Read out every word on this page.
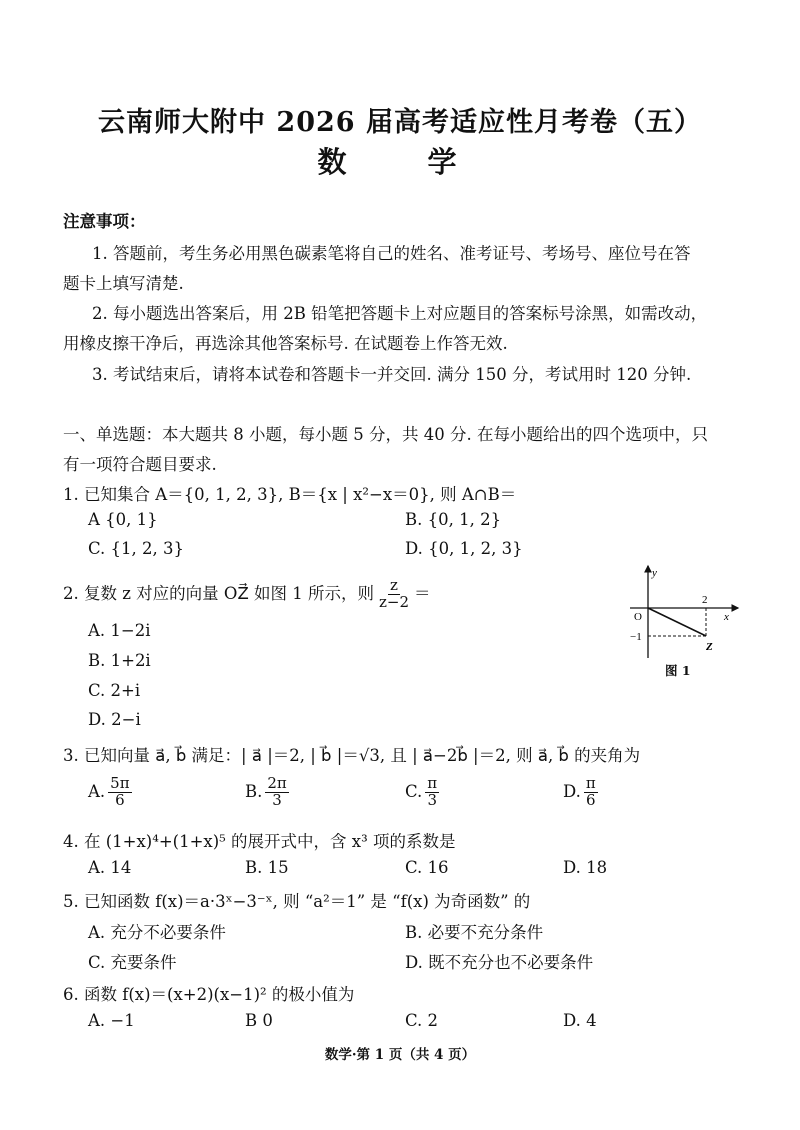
云南师大附中 2026 届高考适应性月考卷（五）
数　学
注意事项：
1. 答题前，考生务必用黑色碳素笔将自己的姓名、准考证号、考场号、座位号在答
题卡上填写清楚.
2. 每小题选出答案后，用 2B 铅笔把答题卡上对应题目的答案标号涂黑，如需改动，
用橡皮擦干净后，再选涂其他答案标号. 在试题卷上作答无效.
3. 考试结束后，请将本试卷和答题卡一并交回. 满分 150 分，考试用时 120 分钟.
一、单选题：本大题共 8 小题，每小题 5 分，共 40 分. 在每小题给出的四个选项中，只
有一项符合题目要求.
1. 已知集合 A＝{0, 1, 2, 3}, B＝{x | x²−x＝0}, 则 A∩B＝
A {0, 1}	B. {0, 1, 2}
C. {1, 2, 3}	D. {0, 1, 2, 3}
2. 复数 z 对应的向量 OZ⃗ 如图 1 所示，则 $\frac{z}{z-2}$ ＝
A. 1−2i
B. 1+2i
C. 2+i
D. 2−i
y
x
O
2
−1
Z
图 1
3. 已知向量 a⃗, b⃗ 满足：| a⃗ |＝2, | b⃗ |＝√3, 且 | a⃗−2b⃗ |＝2, 则 a⃗, b⃗ 的夹角为
A. $\frac{5\pi}{6}$	B. $\frac{2\pi}{3}$	C. $\frac{\pi}{3}$	D. $\frac{\pi}{6}$
4. 在 (1+x)⁴+(1+x)⁵ 的展开式中，含 x³ 项的系数是
A. 14	B. 15	C. 16	D. 18
5. 已知函数 f(x)＝a·3ˣ−3⁻ˣ, 则 “a²＝1” 是 “f(x) 为奇函数” 的
A. 充分不必要条件	B. 必要不充分条件
C. 充要条件	D. 既不充分也不必要条件
6. 函数 f(x)＝(x+2)(x−1)² 的极小值为
A. −1	B 0	C. 2	D. 4
数学·第 1 页（共 4 页）
